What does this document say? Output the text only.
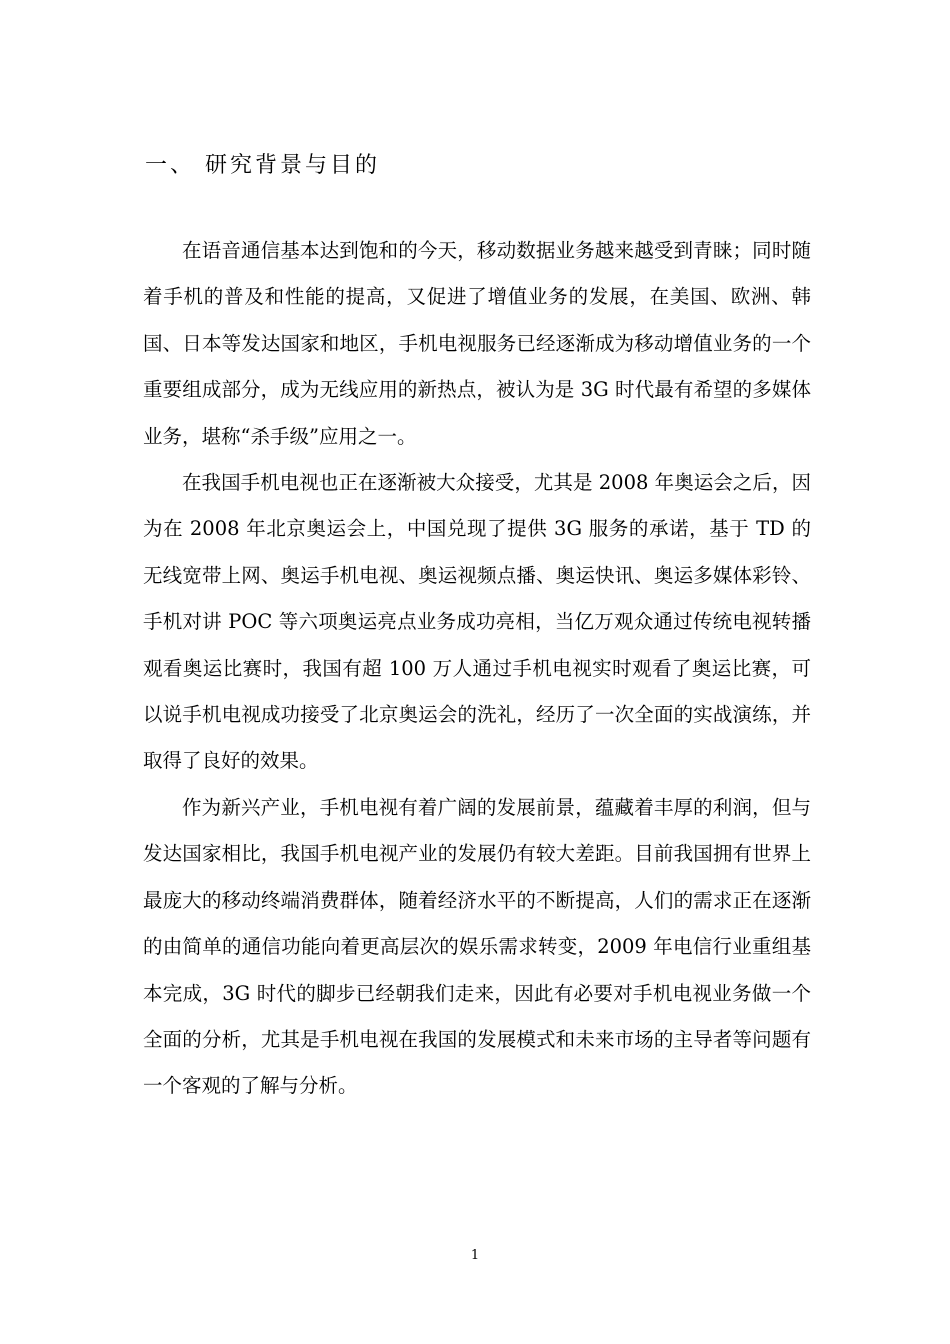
一、 研究背景与目的

在语音通信基本达到饱和的今天，移动数据业务越来越受到青睐；同时随着手机的普及和性能的提高，又促进了增值业务的发展，在美国、欧洲、韩国、日本等发达国家和地区，手机电视服务已经逐渐成为移动增值业务的一个重要组成部分，成为无线应用的新热点，被认为是 3G 时代最有希望的多媒体业务，堪称“杀手级”应用之一。

在我国手机电视也正在逐渐被大众接受，尤其是 2008 年奥运会之后，因为在 2008 年北京奥运会上，中国兑现了提供 3G 服务的承诺，基于 TD 的无线宽带上网、奥运手机电视、奥运视频点播、奥运快讯、奥运多媒体彩铃、手机对讲 POC 等六项奥运亮点业务成功亮相，当亿万观众通过传统电视转播观看奥运比赛时，我国有超 100 万人通过手机电视实时观看了奥运比赛，可以说手机电视成功接受了北京奥运会的洗礼，经历了一次全面的实战演练，并取得了良好的效果。

作为新兴产业，手机电视有着广阔的发展前景，蕴藏着丰厚的利润，但与发达国家相比，我国手机电视产业的发展仍有较大差距。目前我国拥有世界上最庞大的移动终端消费群体，随着经济水平的不断提高，人们的需求正在逐渐的由简单的通信功能向着更高层次的娱乐需求转变，2009 年电信行业重组基本完成，3G 时代的脚步已经朝我们走来，因此有必要对手机电视业务做一个全面的分析，尤其是手机电视在我国的发展模式和未来市场的主导者等问题有一个客观的了解与分析。

1
